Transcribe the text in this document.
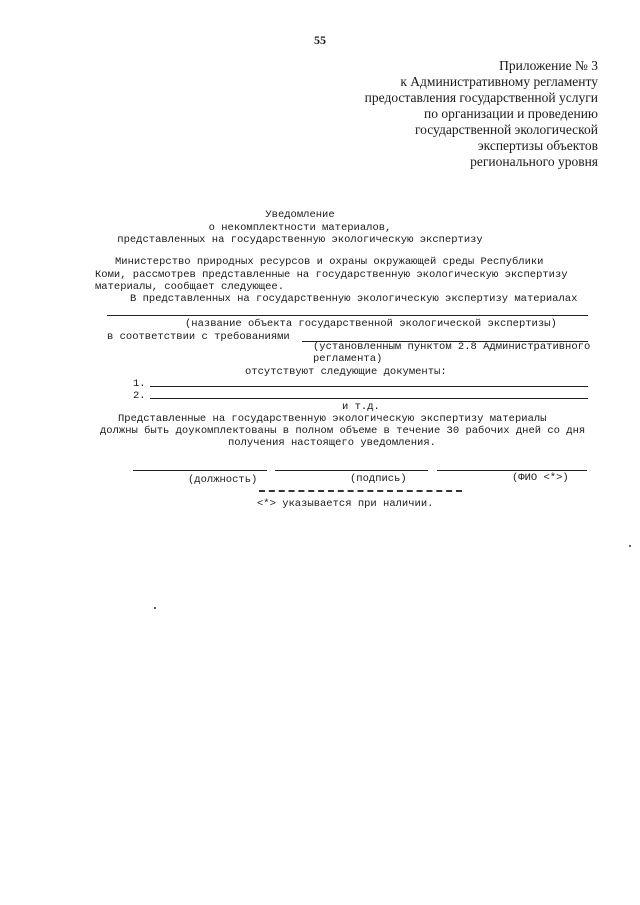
55
Приложение № 3
к Административному регламенту
предоставления государственной услуги
по организации и проведению
государственной экологической
экспертизы объектов
регионального уровня
Уведомление
о некомплектности материалов,
представленных на государственную экологическую экспертизу
Министерство природных ресурсов и охраны окружающей среды Республики
Коми, рассмотрев представленные на государственную экологическую экспертизу
материалы, сообщает следующее.
В представленных на государственную экологическую экспертизу материалах
(название объекта государственной экологической экспертизы)
в соответствии с требованиями
(установленным пунктом 2.8 Административного
регламента)
отсутствуют следующие документы:
1.
2.
и т.д.
Представленные на государственную экологическую экспертизу материалы
должны быть доукомплектованы в полном объеме в течение 30 рабочих дней со дня
получения настоящего уведомления.
(должность)	(подпись)	(ФИО <*>)
<*> указывается при наличии.
